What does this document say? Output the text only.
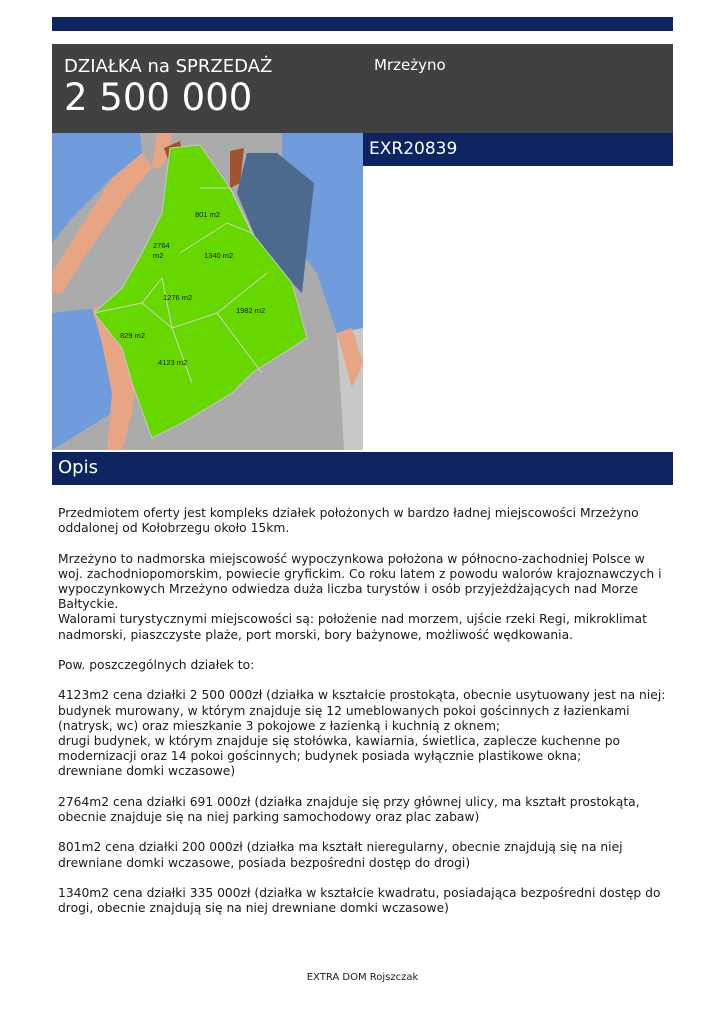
DZIAŁKA na SPRZEDAŻ
2 500 000
Mrzeżyno
801 m2
2764
m2	1340 m2
1276 m2
1982 m2
829 m2
4123 m2
EXR20839
Opis

Przedmiotem oferty jest kompleks działek położonych w bardzo ładnej miejscowości Mrzeżyno
oddalonej od Kołobrzegu około 15km.

Mrzeżyno to nadmorska miejscowość wypoczynkowa położona w północno-zachodniej Polsce w
woj. zachodniopomorskim, powiecie gryfickim. Co roku latem z powodu walorów krajoznawczych i
wypoczynkowych Mrzeżyno odwiedza duża liczba turystów i osób przyjeżdżających nad Morze
Bałtyckie.
Walorami turystycznymi miejscowości są: położenie nad morzem, ujście rzeki Regi, mikroklimat
nadmorski, piaszczyste plaże, port morski, bory bażynowe, możliwość wędkowania.

Pow. poszczególnych działek to:

4123m2 cena działki 2 500 000zł (działka w kształcie prostokąta, obecnie usytuowany jest na niej:
budynek murowany, w którym znajduje się 12 umeblowanych pokoi gościnnych z łazienkami
(natrysk, wc) oraz mieszkanie 3 pokojowe z łazienką i kuchnią z oknem;
drugi budynek, w którym znajduje się stołówka, kawiarnia, świetlica, zaplecze kuchenne po
modernizacji oraz 14 pokoi gościnnych; budynek posiada wyłącznie plastikowe okna;
drewniane domki wczasowe)

2764m2 cena działki 691 000zł (działka znajduje się przy głównej ulicy, ma kształt prostokąta,
obecnie znajduje się na niej parking samochodowy oraz plac zabaw)

801m2 cena działki 200 000zł (działka ma kształt nieregularny, obecnie znajdują się na niej
drewniane domki wczasowe, posiada bezpośredni dostęp do drogi)

1340m2 cena działki 335 000zł (działka w kształcie kwadratu, posiadająca bezpośredni dostęp do
drogi, obecnie znajdują się na niej drewniane domki wczasowe)

EXTRA DOM Rojszczak
